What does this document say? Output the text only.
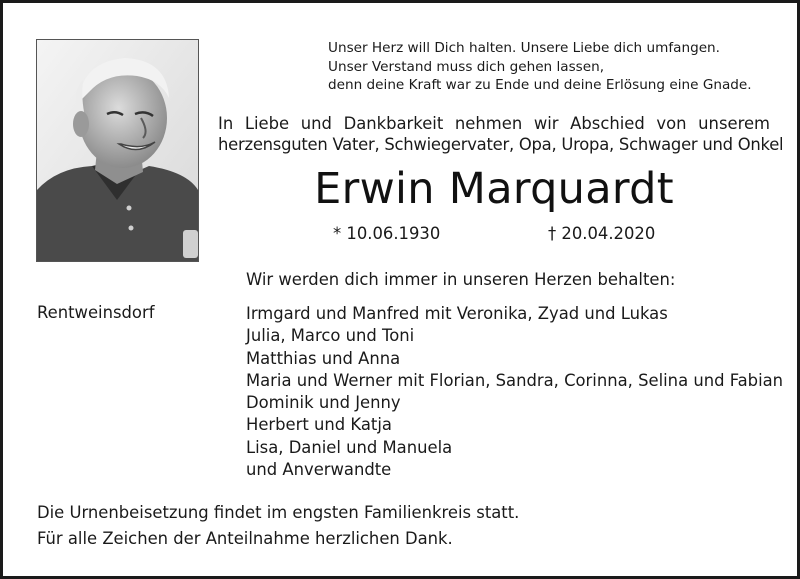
Unser Herz will Dich halten. Unsere Liebe dich umfangen.
Unser Verstand muss dich gehen lassen,
denn deine Kraft war zu Ende und deine Erlösung eine Gnade.
In Liebe und Dankbarkeit nehmen wir Abschied von unserem
herzensguten Vater, Schwiegervater, Opa, Uropa, Schwager und Onkel
Erwin Marquardt
* 10.06.1930	† 20.04.2020
Wir werden dich immer in unseren Herzen behalten:
Rentweinsdorf	Irmgard und Manfred mit Veronika, Zyad und Lukas
Julia, Marco und Toni
Matthias und Anna
Maria und Werner mit Florian, Sandra, Corinna, Selina und Fabian
Dominik und Jenny
Herbert und Katja
Lisa, Daniel und Manuela
und Anverwandte
Die Urnenbeisetzung findet im engsten Familienkreis statt.
Für alle Zeichen der Anteilnahme herzlichen Dank.
